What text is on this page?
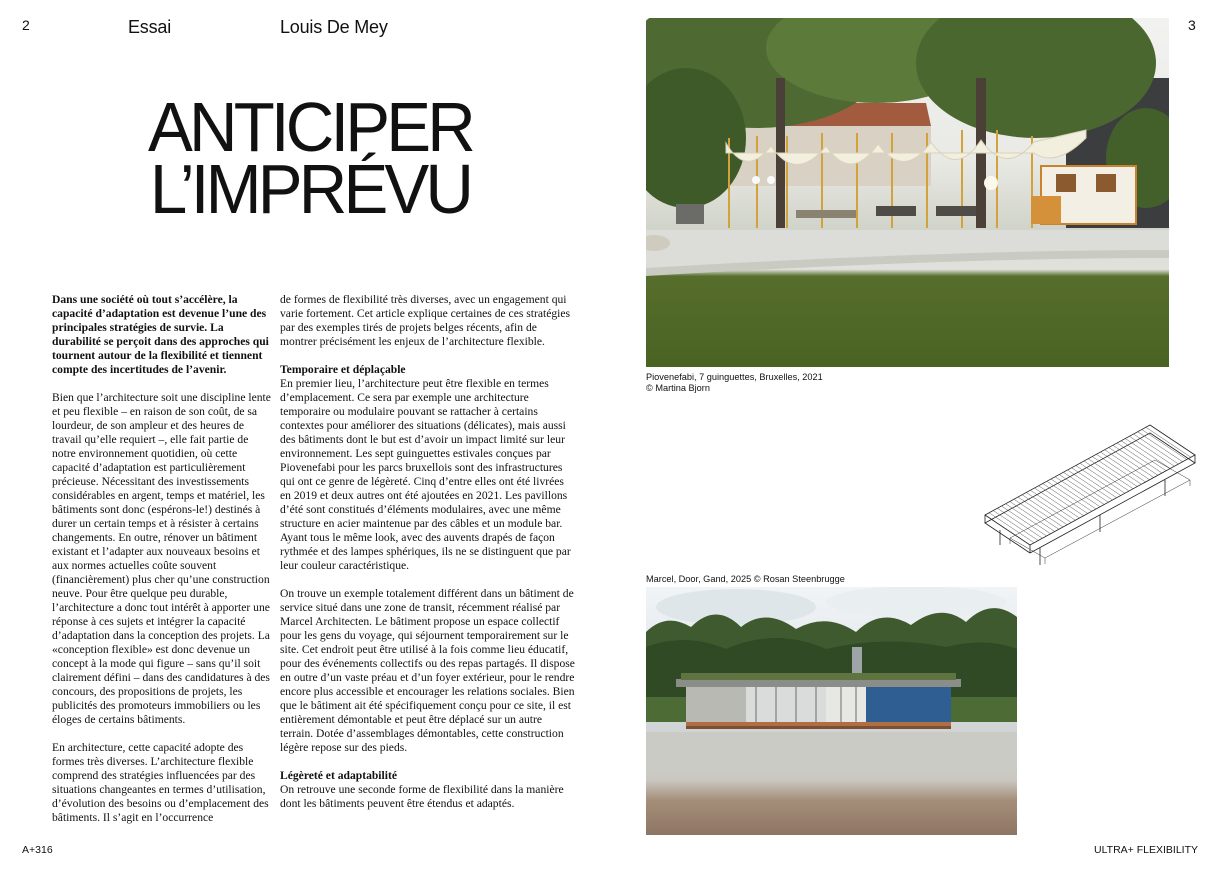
2	Essai	Louis De Mey
ANTICIPER
L’IMPRÉVU

Dans une société où tout s’accélère, la capacité d’adaptation est devenue l’une des principales stratégies de survie. La durabilité se perçoit dans des approches qui tournent autour de la flexibilité et tiennent compte des incertitudes de l’avenir.

Bien que l’architecture soit une discipline lente et peu flexible – en raison de son coût, de sa lourdeur, de son ampleur et des heures de travail qu’elle requiert –, elle fait partie de notre environnement quotidien, où cette capacité d’adaptation est particulièrement précieuse. Nécessitant des investissements considérables en argent, temps et matériel, les bâtiments sont donc (espérons-le!) destinés à durer un certain temps et à résister à certains changements. En outre, rénover un bâtiment existant et l’adapter aux nouveaux besoins et aux normes actuelles coûte souvent (financièrement) plus cher qu’une construction neuve. Pour être quelque peu durable, l’architecture a donc tout intérêt à apporter une réponse à ces sujets et intégrer la capacité d’adaptation dans la conception des projets. La «conception flexible» est donc devenue un concept à la mode qui figure – sans qu’il soit clairement défini – dans des candidatures à des concours, des propositions de projets, les publicités des promoteurs immobiliers ou les éloges de certains bâtiments.

En architecture, cette capacité adopte des formes très diverses. L’architecture flexible comprend des stratégies influencées par des situations changeantes en termes d’utilisation, d’évolution des besoins ou d’emplacement des bâtiments. Il s’agit en l’occurrence

de formes de flexibilité très diverses, avec un engagement qui varie fortement. Cet article explique certaines de ces stratégies par des exemples tirés de projets belges récents, afin de montrer précisément les enjeux de l’architecture flexible.

Temporaire et déplaçable

En premier lieu, l’architecture peut être flexible en termes d’emplacement. Ce sera par exemple une architecture temporaire ou modulaire pouvant se rattacher à certains contextes pour améliorer des situations (délicates), mais aussi des bâtiments dont le but est d’avoir un impact limité sur leur environnement. Les sept guinguettes estivales conçues par Piovenefabi pour les parcs bruxellois sont des infrastructures qui ont ce genre de légèreté. Cinq d’entre elles ont été livrées en 2019 et deux autres ont été ajoutées en 2021. Les pavillons d’été sont constitués d’éléments modulaires, avec une même structure en acier maintenue par des câbles et un module bar. Ayant tous le même look, avec des auvents drapés de façon rythmée et des lampes sphériques, ils ne se distinguent que par leur couleur caractéristique.

On trouve un exemple totalement différent dans un bâtiment de service situé dans une zone de transit, récemment réalisé par Marcel Architecten. Le bâtiment propose un espace collectif pour les gens du voyage, qui séjournent temporairement sur le site. Cet endroit peut être utilisé à la fois comme lieu éducatif, pour des événements collectifs ou des repas partagés. Il dispose en outre d’un vaste préau et d’un foyer extérieur, pour le rendre encore plus accessible et encourager les relations sociales. Bien que le bâtiment ait été spécifiquement conçu pour ce site, il est entièrement démontable et peut être déplacé sur un autre terrain. Dotée d’assemblages démontables, cette construction légère repose sur des pieds.

Légèreté et adaptabilité

On retrouve une seconde forme de flexibilité dans la manière dont les bâtiments peuvent être étendus et adaptés.

A+316
3
Piovenefabi, 7 guinguettes, Bruxelles, 2021
© Martina Bjorn
Marcel, Door, Gand, 2025 © Rosan Steenbrugge
ULTRA+ FLEXIBILITY
